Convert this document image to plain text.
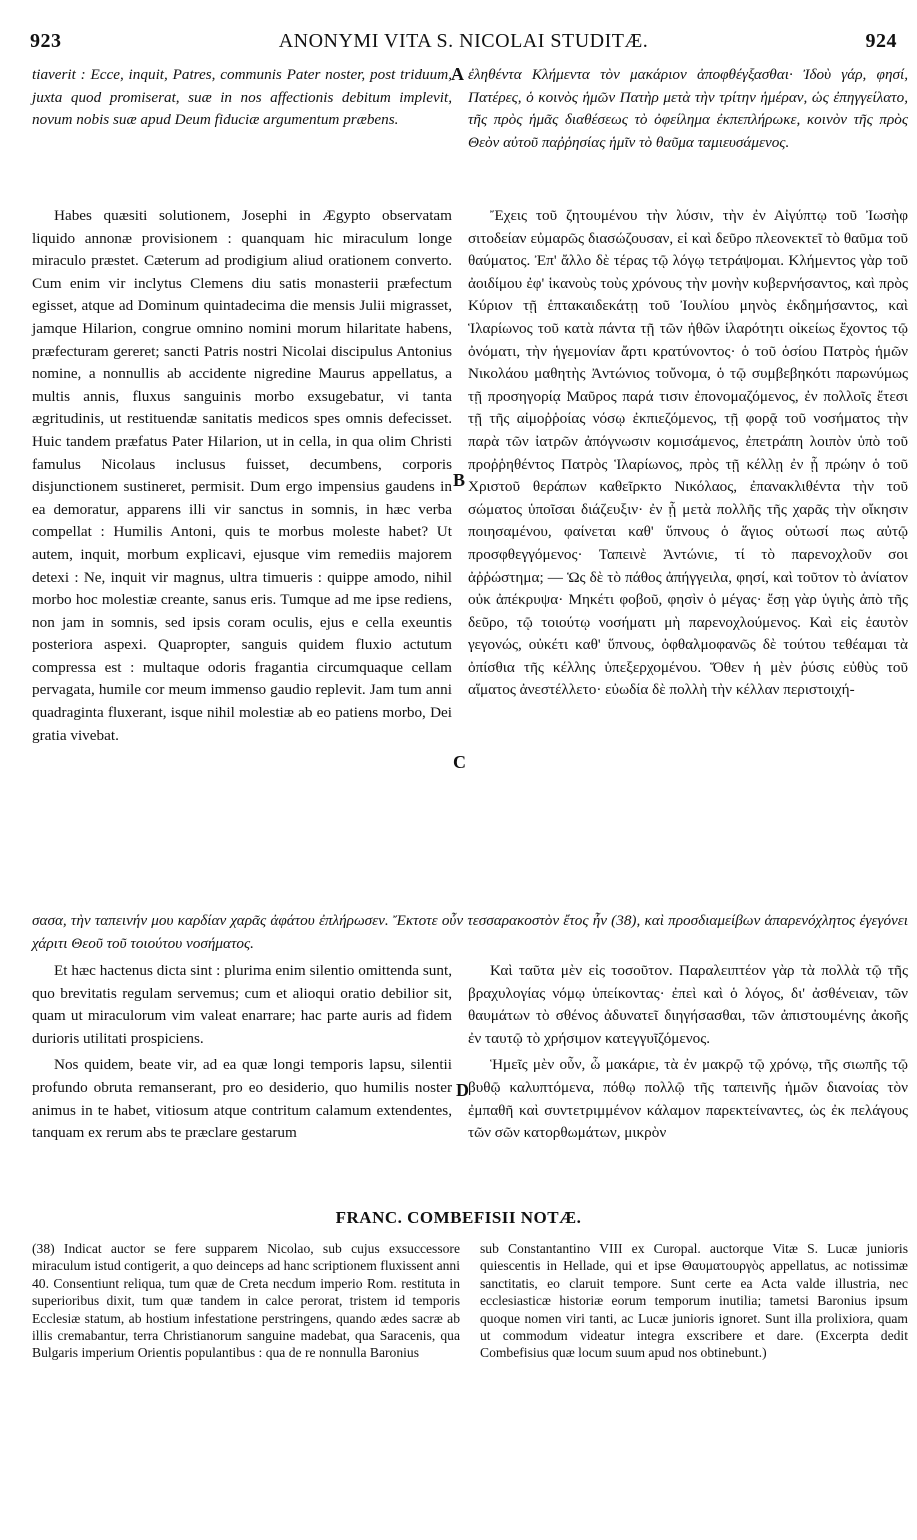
923	ANONYMI VITA S. NICOLAI STUDITÆ.	924

tiaverit : Ecce, inquit, Patres, communis Pater noster, post triduum, juxta quod promiserat, suæ in nos affectionis debitum implevit, novum nobis suæ apud Deum fiduciæ argumentum præbens.

Habes quæsiti solutionem, Josephi in Ægypto observatam liquido annonæ provisionem : quanquam hic miraculum longe miraculo præstet. Cæterum ad prodigium aliud orationem converto. Cum enim vir inclytus Clemens diu satis monasterii præfectum egisset, atque ad Dominum quintadecima die mensis Julii migrasset, jamque Hilarion, congrue omnino nomini morum hilaritate habens, præfecturam gereret; sancti Patris nostri Nicolai discipulus Antonius nomine, a nonnullis ab accidente nigredine Maurus appellatus, a multis annis, fluxus sanguinis morbo exsugebatur, vi tanta ægritudinis, ut restituendæ sanitatis medicos spes omnis defecisset. Huic tandem præfatus Pater Hilarion, ut in cella, in qua olim Christi famulus Nicolaus inclusus fuisset, decumbens, corporis disjunctionem sustineret, permisit. Dum ergo impensius gaudens in ea demoratur, apparens illi vir sanctus in somnis, in hæc verba compellat : Humilis Antoni, quis te morbus moleste habet? Ut autem, inquit, morbum explicavi, ejusque vim remediis majorem detexi : Ne, inquit vir magnus, ultra timueris : quippe amodo, nihil morbo hoc molestiæ creante, sanus eris. Tumque ad me ipse rediens, non jam in somnis, sed ipsis coram oculis, ejus e cella exeuntis posteriora aspexi. Quapropter, sanguis quidem fluxio actutum compressa est : multaque odoris fragantia circumquaque cellam pervagata, humile cor meum immenso gaudio replevit. Jam tum anni quadraginta fluxerant, isque nihil molestiæ ab eo patiens morbo, Dei gratia vivebat.

Et hæc hactenus dicta sint : plurima enim silentio omittenda sunt, quo brevitatis regulam servemus; cum et alioqui oratio debilior sit, quam ut miraculorum vim valeat enarrare; hac parte auris ad fidem durioris utilitati prospiciens.

Nos quidem, beate vir, ad ea quæ longi temporis lapsu, silentii profundo obruta remanserant, pro eo desiderio, quo humilis noster animus in te habet, vitiosum atque contritum calamum extendentes, tanquam ex rerum abs te præclare gestarum

ἐληθέντα Κλήμεντα τὸν μακάριον ἀποφθέγξασθαι· Ἰδοὺ γάρ, φησί, Πατέρες, ὁ κοινὸς ἡμῶν Πατὴρ μετὰ τὴν τρίτην ἡμέραν, ὡς ἐπηγγείλατο, τῆς πρὸς ἡμᾶς διαθέσεως τὸ ὀφείλημα ἐκπεπλήρωκε, κοινὸν τῆς πρὸς Θεὸν αὐτοῦ παῤῥησίας ἡμῖν τὸ θαῦμα ταμιευσάμενος.

Ἔχεις τοῦ ζητουμένου τὴν λύσιν, τὴν ἐν Αἰγύπτῳ τοῦ Ἰωσὴφ σιτοδείαν εὐμαρῶς διασώζουσαν, εἰ καὶ δεῦρο πλεονεκτεῖ τὸ θαῦμα τοῦ θαύματος. Ἐπ' ἄλλο δὲ τέρας τῷ λόγῳ τετράψομαι. Κλήμεντος γὰρ τοῦ ἀοιδίμου ἐφ' ἱκανοὺς τοὺς χρόνους τὴν μονὴν κυβερνήσαντος, καὶ πρὸς Κύριον τῇ ἑπτακαιδεκάτῃ τοῦ Ἰουλίου μηνὸς ἐκδημήσαντος, καὶ Ἱλαρίωνος τοῦ κατὰ πάντα τῇ τῶν ἠθῶν ἱλαρότητι οἰκείως ἔχοντος τῷ ὀνόματι, τὴν ἡγεμονίαν ἄρτι κρατύνοντος· ὁ τοῦ ὁσίου Πατρὸς ἡμῶν Νικολάου μαθητὴς Ἀντώνιος τοὔνομα, ὁ τῷ συμβεβηκότι παρωνύμως τῇ προσηγορίᾳ Μαῦρος παρά τισιν ἐπονομαζόμενος, ἐν πολλοῖς ἔτεσι τῇ τῆς αἱμοῤῥοίας νόσῳ ἐκπιεζόμενος, τῇ φορᾷ τοῦ νοσήματος τὴν παρὰ τῶν ἰατρῶν ἀπόγνωσιν κομισάμενος, ἐπετράπη λοιπὸν ὑπὸ τοῦ προῤῥηθέντος Πατρὸς Ἱλαρίωνος, πρὸς τῇ κέλλῃ ἐν ᾗ πρώην ὁ τοῦ Χριστοῦ θεράπων καθεῖρκτο Νικόλαος, ἐπανακλιθέντα τὴν τοῦ σώματος ὑποῖσαι διάζευξιν· ἐν ᾗ μετὰ πολλῆς τῆς χαρᾶς τὴν οἴκησιν ποιησαμένου, φαίνεται καθ' ὕπνους ὁ ἅγιος οὑτωσί πως αὐτῷ προσφθεγγόμενος· Ταπεινὲ Ἀντώνιε, τί τὸ παρενοχλοῦν σοι ἀῤῥώστημα; — Ὡς δὲ τὸ πάθος ἀπήγγειλα, φησί, καὶ τοῦτον τὸ ἀνίατον οὐκ ἀπέκρυψα· Μηκέτι φοβοῦ, φησὶν ὁ μέγας· ἔσῃ γὰρ ὑγιὴς ἀπὸ τῆς δεῦρο, τῷ τοιούτῳ νοσήματι μὴ παρενοχλούμενος. Καὶ εἰς ἑαυτὸν γεγονώς, οὐκέτι καθ' ὕπνους, ὀφθαλμοφανῶς δὲ τούτου τεθέαμαι τὰ ὀπίσθια τῆς κέλλης ὑπεξερχομένου. Ὅθεν ἡ μὲν ῥύσις εὐθὺς τοῦ αἵματος ἀνεστέλλετο· εὐωδία δὲ πολλὴ τὴν κέλλαν περιστοιχή-

Καὶ ταῦτα μὲν εἰς τοσοῦτον. Παραλειπτέον γὰρ τὰ πολλὰ τῷ τῆς βραχυλογίας νόμῳ ὑπείκοντας· ἐπεὶ καὶ ὁ λόγος, δι' ἀσθένειαν, τῶν θαυμάτων τὸ σθένος ἀδυνατεῖ διηγήσασθαι, τῶν ἀπιστουμένης ἀκοῆς ἐν ταυτῷ τὸ χρήσιμον κατεγγυῖζόμενος.

Ἡμεῖς μὲν οὖν, ὦ μακάριε, τὰ ἐν μακρῷ τῷ χρόνῳ, τῆς σιωπῆς τῷ βυθῷ καλυπτόμενα, πόθῳ πολλῷ τῆς ταπεινῆς ἡμῶν διανοίας τὸν ἐμπαθῆ καὶ συντετριμμένον κάλαμον παρεκτείναντες, ὡς ἐκ πελάγους τῶν σῶν κατορθωμάτων, μικρὸν

σασα, τὴν ταπεινήν μου καρδίαν χαρᾶς ἀφάτου ἐπλήρωσεν. Ἔκτοτε οὖν τεσσαρακοστὸν ἔτος ἦν (38), καὶ προσδιαμείβων ἀπαρενόχλητος ἐγεγόνει χάριτι Θεοῦ τοῦ τοιούτου νοσήματος.
A
B
C
D
FRANC. COMBEFISII NOTÆ.
(38) Indicat auctor se fere supparem Nicolao, sub cujus exsuccessore miraculum istud contigerit, a quo deinceps ad hanc scriptionem fluxissent anni 40. Consentiunt reliqua, tum quæ de Creta necdum imperio Rom. restituta in superioribus dixit, tum quæ tandem in calce perorat, tristem id temporis Ecclesiæ statum, ab hostium infestatione perstringens, quando ædes sacræ ab illis cremabantur, terra Christianorum sanguine madebat, qua Saracenis, qua Bulgaris imperium Orientis populantibus : qua de re nonnulla Baronius
sub Constantantino VIII ex Curopal. auctorque Vitæ S. Lucæ junioris quiescentis in Hellade, qui et ipse Θαυματουργὸς appellatus, ac notissimæ sanctitatis, eo claruit tempore. Sunt certe ea Acta valde illustria, nec ecclesiasticæ historiæ eorum temporum inutilia; tametsi Baronius ipsum quoque nomen viri tanti, ac Lucæ junioris ignoret. Sunt illa prolixiora, quam ut commodum videatur integra exscribere et dare. (Excerpta dedit Combefisius quæ locum suum apud nos obtinebunt.)
